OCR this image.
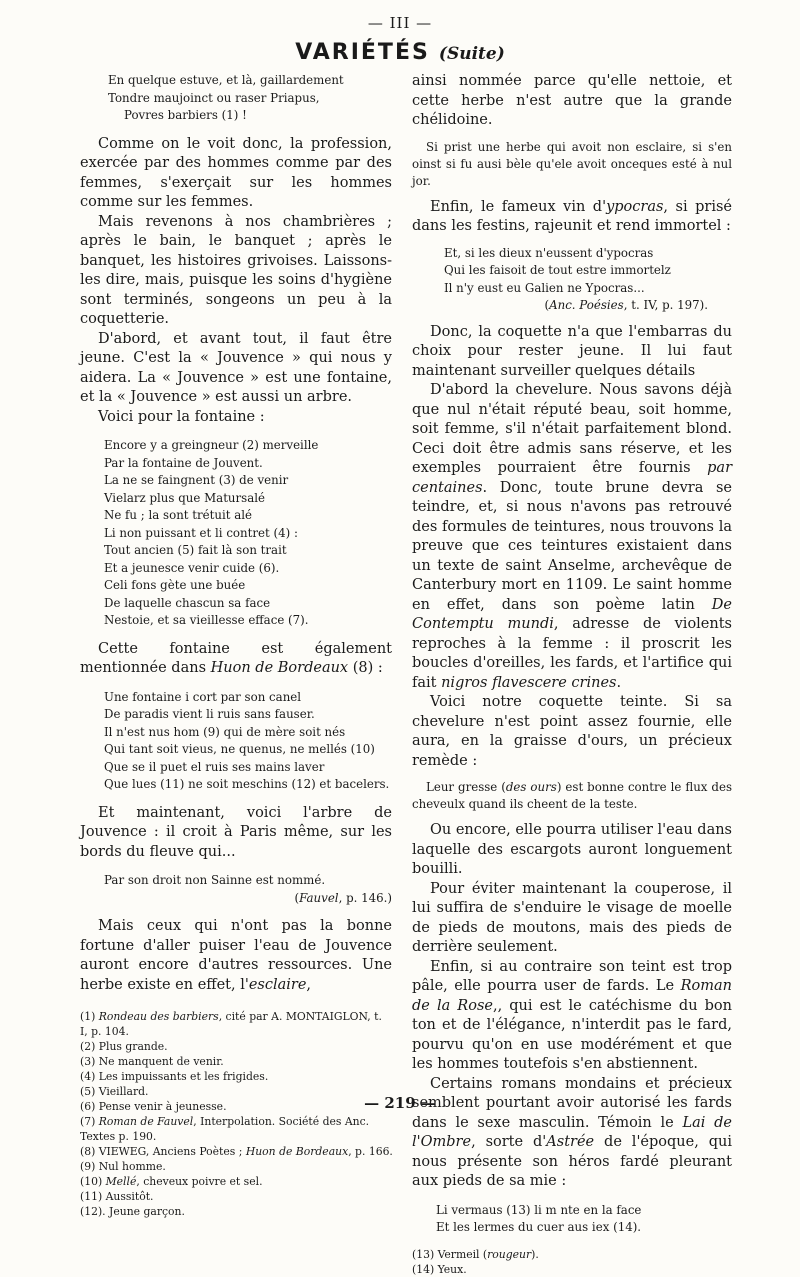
— III —
VARIÉTÉS (Suite)
En quelque estuve, et là, gaillardement
Tondre maujoinct ou raser Priapus,
Povres barbiers (1) !

Comme on le voit donc, la profession, exercée par des hommes comme par des femmes, s'exerçait sur les hommes comme sur les femmes.

Mais revenons à nos chambrières ; après le bain, le banquet ; après le banquet, les histoires grivoises. Laissons-les dire, mais, puisque les soins d'hygiène sont terminés, songeons un peu à la coquetterie.

D'abord, et avant tout, il faut être jeune. C'est la « Jouvence » qui nous y aidera. La « Jouvence » est une fontaine, et la « Jouvence » est aussi un arbre.

Voici pour la fontaine :

Encore y a greingneur (2) merveille
Par la fontaine de Jouvent.
La ne se faingnent (3) de venir
Vielarz plus que Matursalé
Ne fu ; la sont trétuit alé
Li non puissant et li contret (4) :
Tout ancien (5) fait là son trait
Et a jeunesce venir cuide (6).
Celi fons gète une buée
De laquelle chascun sa face
Nestoie, et sa vieillesse efface (7).

Cette fontaine est également mentionnée dans Huon de Bordeaux (8) :

Une fontaine i cort par son canel
De paradis vient li ruis sans fauser.
Il n'est nus hom (9) qui de mère soit nés
Qui tant soit vieus, ne quenus, ne mellés (10)
Que se il puet el ruis ses mains laver
Que lues (11) ne soit meschins (12) et bacelers.

Et maintenant, voici l'arbre de Jouvence : il croit à Paris même, sur les bords du fleuve qui...

Par son droit non Sainne est nommé.
(Fauvel, p. 146.)

Mais ceux qui n'ont pas la bonne fortune d'aller puiser l'eau de Jouvence auront encore d'autres ressources. Une herbe existe en effet, l'esclaire,

(1) Rondeau des barbiers, cité par A. MONTAIGLON, t. I, p. 104.
(2) Plus grande.
(3) Ne manquent de venir.
(4) Les impuissants et les frigides.
(5) Vieillard.
(6) Pense venir à jeunesse.
(7) Roman de Fauvel, Interpolation. Société des Anc. Textes p. 190.
(8) VIEWEG, Anciens Poètes ; Huon de Bordeaux, p. 166.
(9) Nul homme.
(10) Mellé, cheveux poivre et sel.
(11) Aussitôt.
(12). Jeune garçon.

ainsi nommée parce qu'elle nettoie, et cette herbe n'est autre que la grande chélidoine.

Si prist une herbe qui avoit non esclaire, si s'en oinst si fu ausi bèle qu'ele avoit onceques esté à nul jor.

Enfin, le fameux vin d'ypocras, si prisé dans les festins, rajeunit et rend immortel :

Et, si les dieux n'eussent d'ypocras
Qui les faisoit de tout estre immortelz
Il n'y eust eu Galien ne Ypocras...
(Anc. Poésies, t. IV, p. 197).

Donc, la coquette n'a que l'embarras du choix pour rester jeune. Il lui faut maintenant surveiller quelques détails

D'abord la chevelure. Nous savons déjà que nul n'était réputé beau, soit homme, soit femme, s'il n'était parfaitement blond. Ceci doit être admis sans réserve, et les exemples pourraient être fournis par centaines. Donc, toute brune devra se teindre, et, si nous n'avons pas retrouvé des formules de teintures, nous trouvons la preuve que ces teintures existaient dans un texte de saint Anselme, archevêque de Canterbury mort en 1109. Le saint homme en effet, dans son poème latin De Contemptu mundi, adresse de violents reproches à la femme : il proscrit les boucles d'oreilles, les fards, et l'artifice qui fait nigros flavescere crines.

Voici notre coquette teinte. Si sa chevelure n'est point assez fournie, elle aura, en la graisse d'ours, un précieux remède :

Leur gresse (des ours) est bonne contre le flux des cheveulx quand ils cheent de la teste.

Ou encore, elle pourra utiliser l'eau dans laquelle des escargots auront longuement bouilli.

Pour éviter maintenant la couperose, il lui suffira de s'enduire le visage de moelle de pieds de moutons, mais des pieds de derrière seulement.

Enfin, si au contraire son teint est trop pâle, elle pourra user de fards. Le Roman de la Rose,, qui est le catéchisme du bon ton et de l'élégance, n'interdit pas le fard, pourvu qu'on en use modérément et que les hommes toutefois s'en abstiennent.

Certains romans mondains et précieux semblent pourtant avoir autorisé les fards dans le sexe masculin. Témoin le Lai de l'Ombre, sorte d'Astrée de l'époque, qui nous présente son héros fardé pleurant aux pieds de sa mie :

Li vermaus (13) li m nte en la face
Et les lermes du cuer aus iex (14).
(13) Vermeil (rougeur).
(14) Yeux.
— 219 —
